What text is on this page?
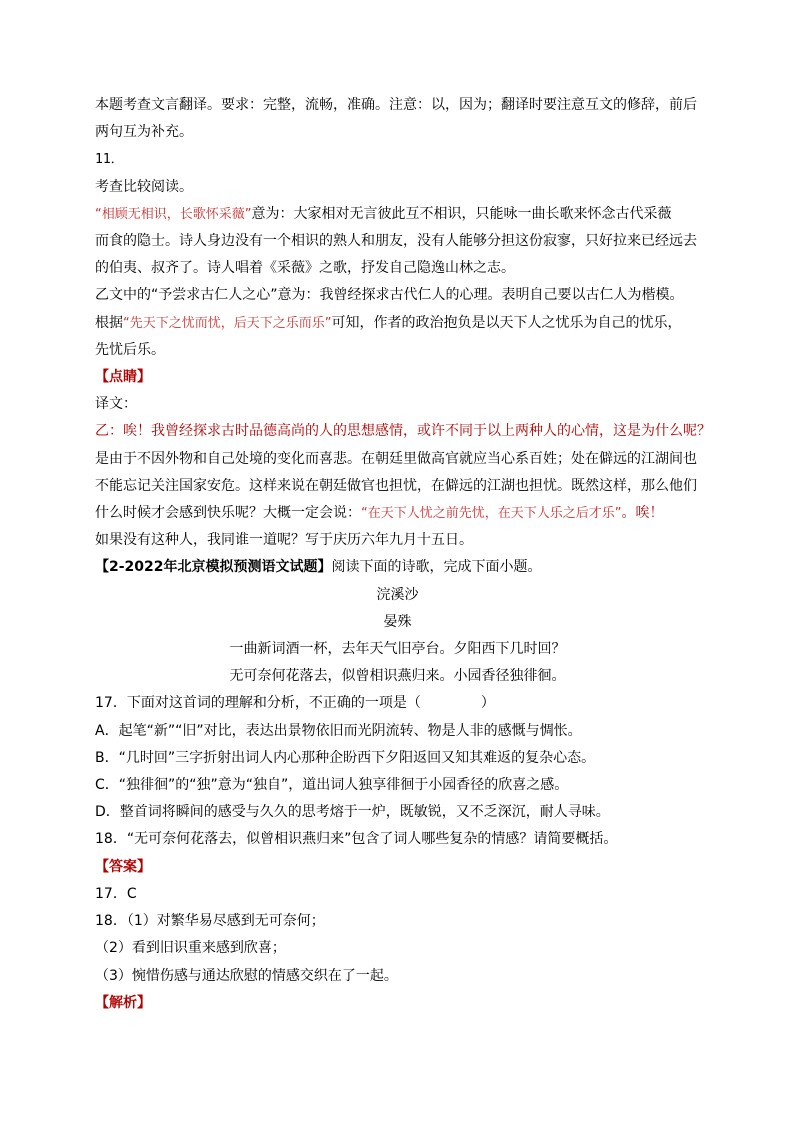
本题考查文言翻译。要求：完整，流畅，准确。注意：以，因为；翻译时要注意互文的修辞，前后
两句互为补充。
11．
考查比较阅读。
“相顾无相识，长歌怀采薇”意为：大家相对无言彼此互不相识，只能咏一曲长歌来怀念古代采薇
而食的隐士。诗人身边没有一个相识的熟人和朋友，没有人能够分担这份寂寥，只好拉来已经远去
的伯夷、叔齐了。诗人唱着《采薇》之歌，抒发自己隐逸山林之志。
乙文中的“予尝求古仁人之心”意为：我曾经探求古代仁人的心理。表明自己要以古仁人为楷模。
根据“先天下之忧而忧，后天下之乐而乐”可知，作者的政治抱负是以天下人之忧乐为自己的忧乐，
先忧后乐。
【点睛】
译文：
乙：唉！我曾经探求古时品德高尚的人的思想感情，或许不同于以上两种人的心情，这是为什么呢？
是由于不因外物和自己处境的变化而喜悲。在朝廷里做高官就应当心系百姓；处在僻远的江湖间也
不能忘记关注国家安危。这样来说在朝廷做官也担忧，在僻远的江湖也担忧。既然这样，那么他们
什么时候才会感到快乐呢？大概一定会说：“在天下人忧之前先忧，在天下人乐之后才乐”。唉！
如果没有这种人，我同谁一道呢？写于庆历六年九月十五日。
【2-2022年北京模拟预测语文试题】阅读下面的诗歌，完成下面小题。
浣溪沙
晏殊
一曲新词酒一杯，去年天气旧亭台。夕阳西下几时回？
无可奈何花落去，似曾相识燕归来。小园香径独徘徊。
17．下面对这首词的理解和分析，不正确的一项是（	）
A．起笔“新”“旧”对比，表达出景物依旧而光阴流转、物是人非的感慨与惆怅。
B．“几时回”三字折射出词人内心那种企盼西下夕阳返回又知其难返的复杂心态。
C．“独徘徊”的“独”意为“独自”，道出词人独享徘徊于小园香径的欣喜之感。
D．整首词将瞬间的感受与久久的思考熔于一炉，既敏锐，又不乏深沉，耐人寻味。
18．“无可奈何花落去，似曾相识燕归来”包含了词人哪些复杂的情感？请简要概括。
【答案】
17．C
18．（1）对繁华易尽感到无可奈何；
（2）看到旧识重来感到欣喜；
（3）惋惜伤感与通达欣慰的情感交织在了一起。
【解析】
